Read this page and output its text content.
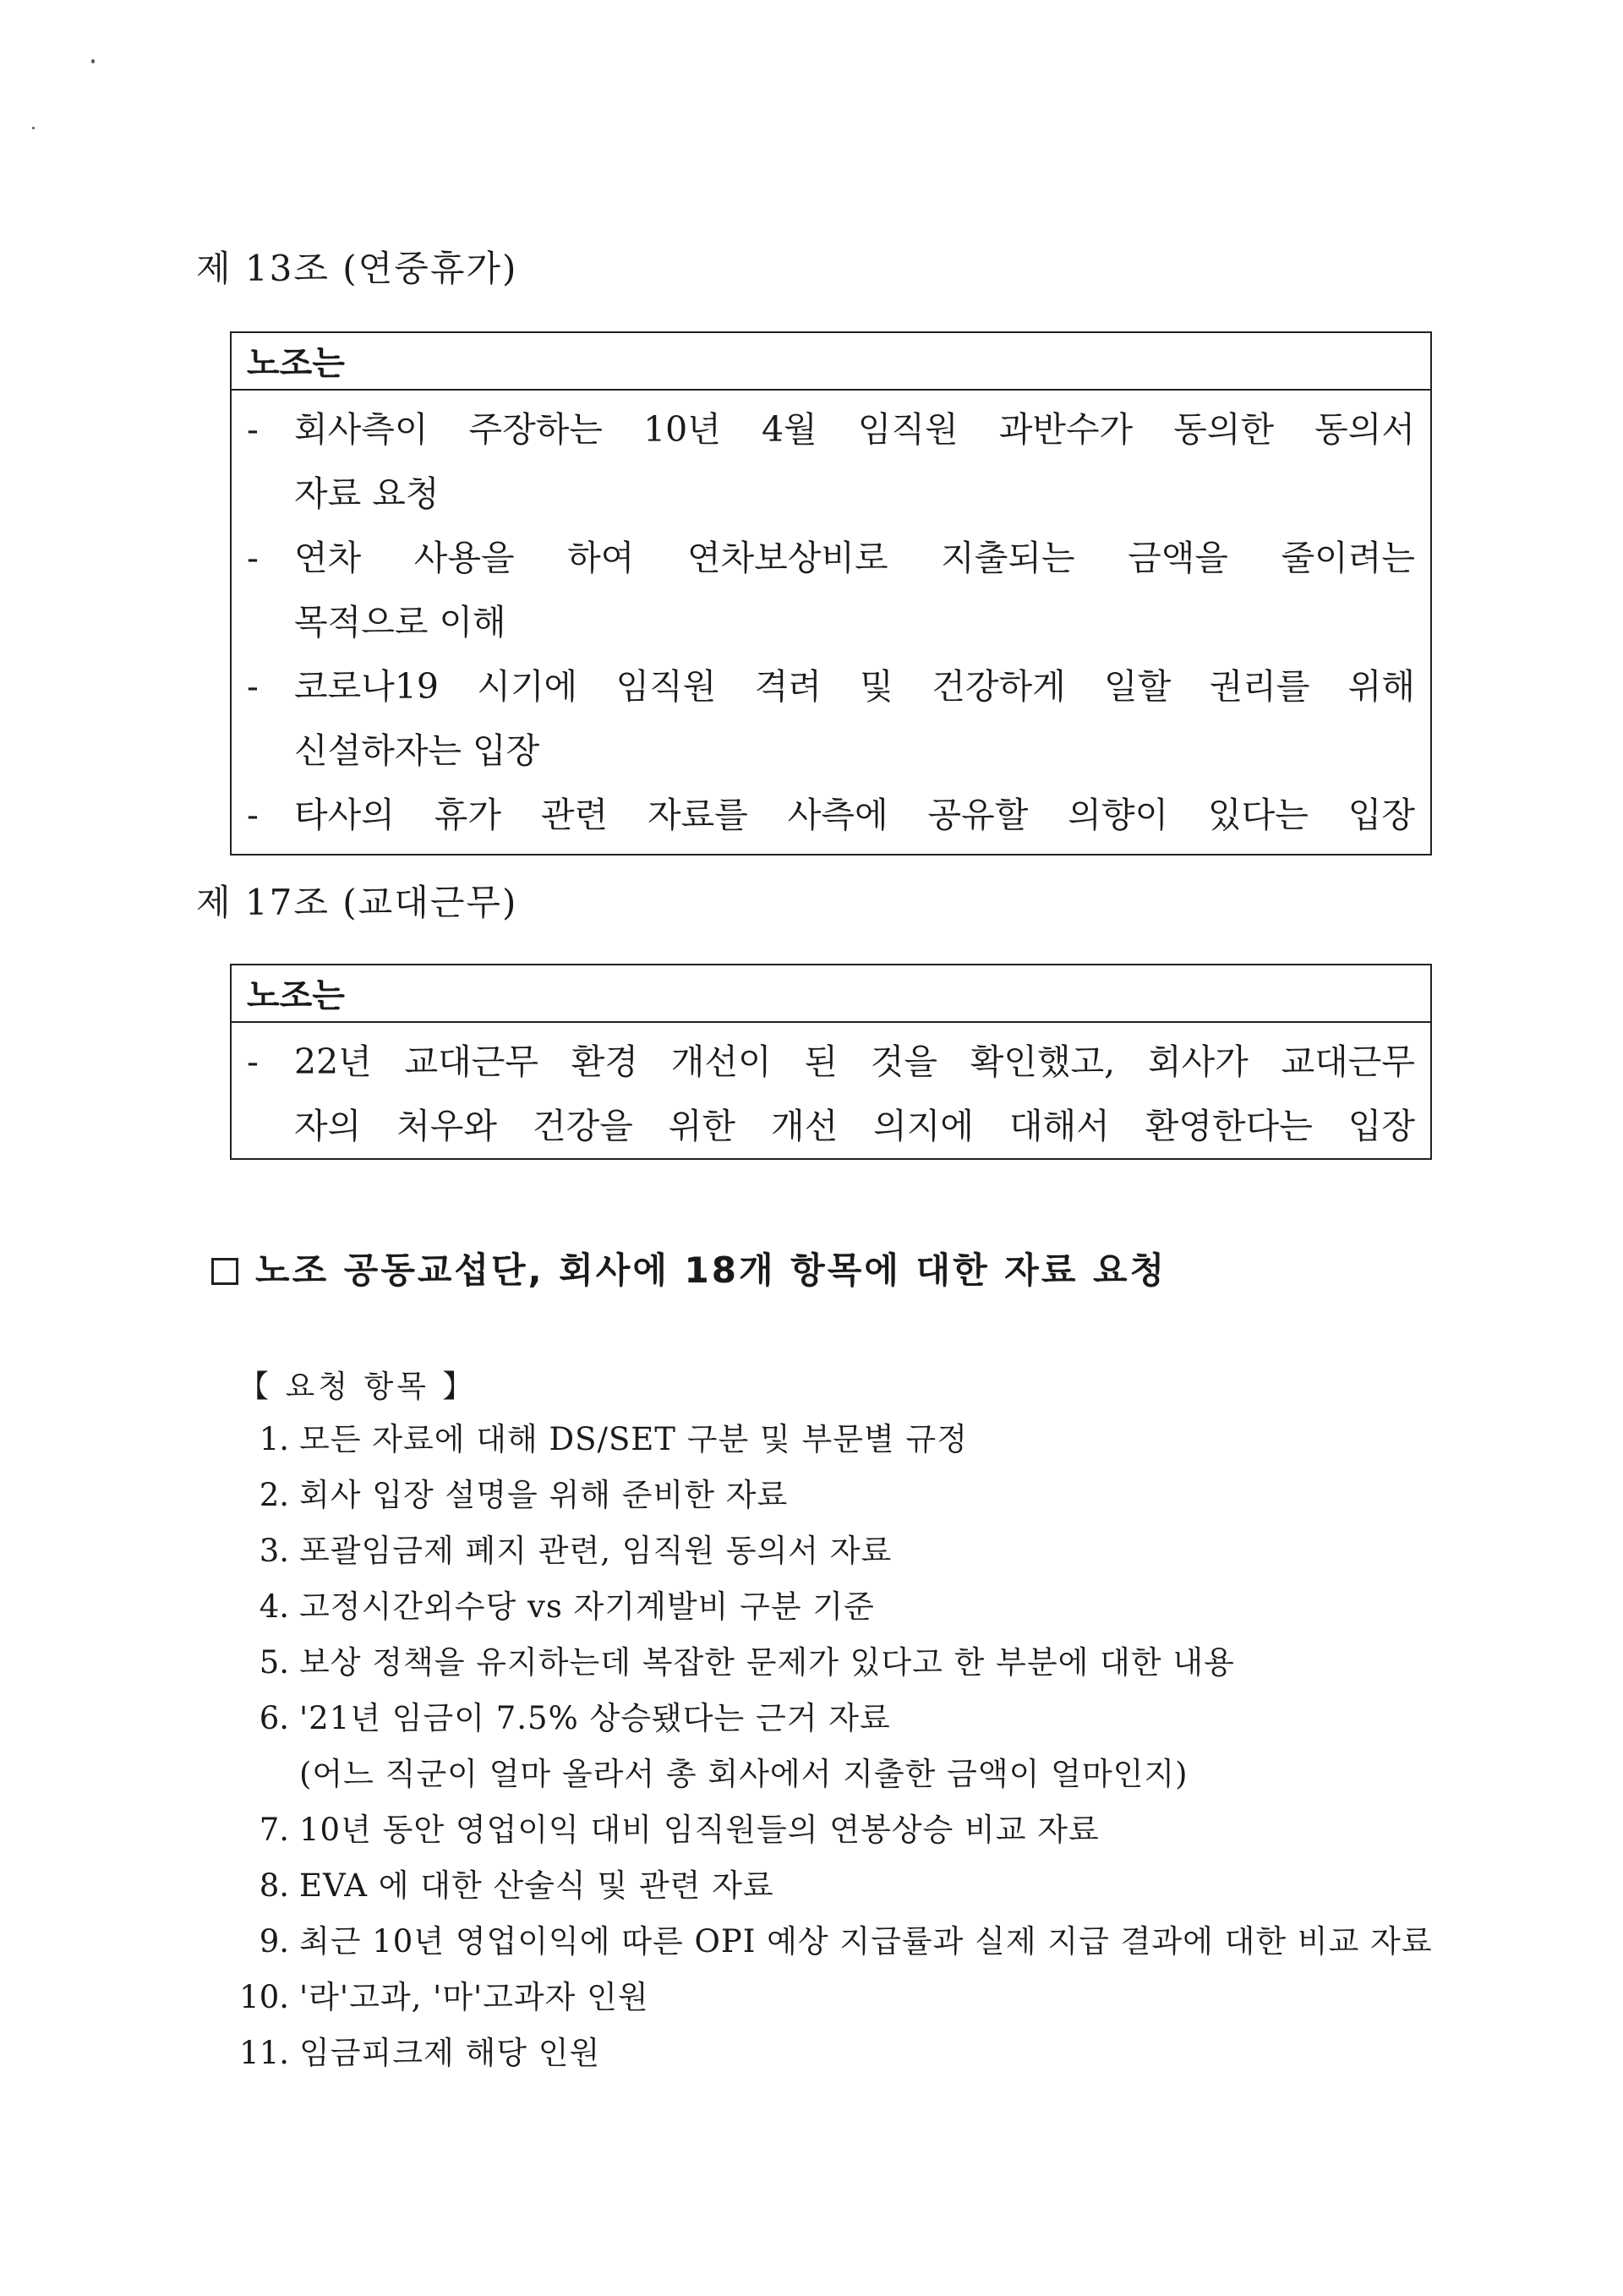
제 13조 (연중휴가)
노조는
-	회사측이 주장하는 10년 4월 임직원 과반수가 동의한 동의서
자료 요청
-	연차 사용을 하여 연차보상비로 지출되는 금액을 줄이려는
목적으로 이해
-	코로나19 시기에 임직원 격려 및 건강하게 일할 권리를 위해
신설하자는 입장
-	타사의 휴가 관련 자료를 사측에 공유할 의향이 있다는 입장
제 17조 (교대근무)
노조는
-	22년 교대근무 환경 개선이 된 것을 확인했고, 회사가 교대근무
자의 처우와 건강을 위한 개선 의지에 대해서 환영한다는 입장
노조 공동교섭단, 회사에 18개 항목에 대한 자료 요청
【 요청 항목 】
1. 모든 자료에 대해 DS/SET 구분 및 부문별 규정
2. 회사 입장 설명을 위해 준비한 자료
3. 포괄임금제 폐지 관련, 임직원 동의서 자료
4. 고정시간외수당 vs 자기계발비 구분 기준
5. 보상 정책을 유지하는데 복잡한 문제가 있다고 한 부분에 대한 내용
6. '21년 임금이 7.5% 상승됐다는 근거 자료
(어느 직군이 얼마 올라서 총 회사에서 지출한 금액이 얼마인지)
7. 10년 동안 영업이익 대비 임직원들의 연봉상승 비교 자료
8. EVA 에 대한 산술식 및 관련 자료
9. 최근 10년 영업이익에 따른 OPI 예상 지급률과 실제 지급 결과에 대한 비교 자료
10. '라'고과, '마'고과자 인원
11. 임금피크제 해당 인원
